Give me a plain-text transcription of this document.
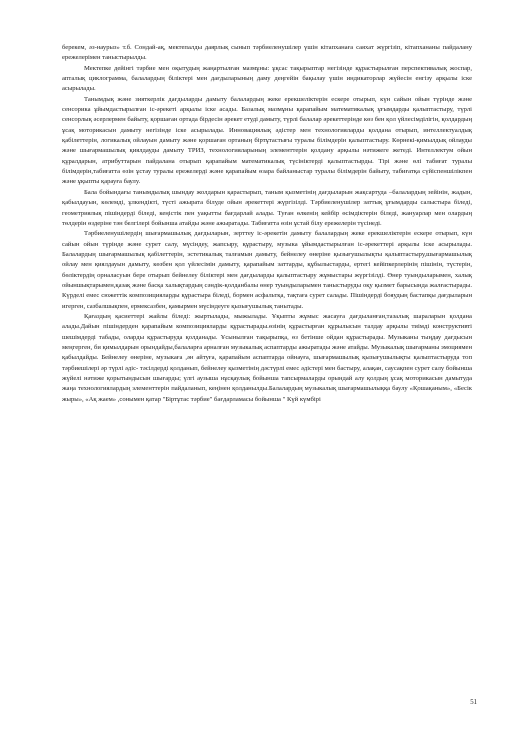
берекем, әз-наурыз» т.б. Сондай-ақ, мектепалды даярлық сынып тәрбиеленушілер үшін кітапханаға саяхат жүргізіп, кітапхананы пайдалану ережелерімен таныстырылды.

Мектепке дейінгі тәрбие мен оқытудың жаңартылған мазмұны: ұқсас тақырыптар негізінде құрастырылған перспективалық жоспар, апталық циклограмма, балалардың біліктері мен дағдыларының даму деңгейін бақылау үшін индикаторлар жүйесін енгізу арқылы іске асырылады.

Танымдық және зияткерлік дағдыларды дамыту балалардың жеке ерекшеліктерін ескере отырып, күн сайын ойын түрінде және сенсорика ұйымдастырылған іс-әрекеті арқылы іске асады. Базалық мазмұны қарапайым математикалық ұғымдарды қалыптастыру, түрлі сенсорлық әсерлермен байыту, қоршаған ортада бірдесін әрекет етуді дамыту, түрлі балалар әрекеттерінде көз бен қол үйлесімділігін, қолдардың ұсақ моторикасын дамыту негізінде іске асырылады. Инновациялық әдістер мен технологияларды қолдана отырып, интеллектуалдық қабілеттерін, логикалық ойлауын дамыту және қоршаған ортаның біртұтастығы туралы білімдерін қалыптастыру. Көрнекі-қимылдық ойлауды және шығармашылық қиялдауды дамыту ТРИЗ, технологияларының элементтерін қолдану арқылы нәтижеге жетеді. Интеллектум ойын құралдарын, атрибуттарын пайдалана отырып қарапайым математикалық түсініктерді қалыптастырды. Тірі және өлі табиғат туралы білімдерін,табиғатта өзін ұстау туралы ережелерді және қарапайым өзара байланыстар туралы білімдерін байыту, табиғатқа сүйіспеншілікпен және ұқыпты қарауға баулу.

Бала бойындағы танымдылық шындау жолдарын қарастырып, таным қызметінің дағдыларын жақсартуда –балалардың зейінін, жадын, қабылдауын, көлемді, ұлкендікті, түсті ажырата білуде ойын әрекеттері жүргізілді. Тәрбиеленушілер заттық ұғымдарды салыстыра біледі, геометриялық пішіндерді біледі, кеңістік пен уақытты бағдарлай алады. Туған өлкенің кейбір өсімдіктерін біледі, жануарлар мен олардың төлдерін өздеріне тән белгілері бойынша атайды және ажыратады. Табиғатта өзін ұстай білу ережелерін түсінеді.

Тәрбиеленушілердің шығармашылық дағдыларын, зерттеу іс-әрекетін дамыту балалардың жеке ерекшеліктерін ескере отырып, күн сайын ойын түрінде және сурет салу, мүсіндеу, жапсыру, құрастыру, музыка ұйымдастырылған іс-әрекеттері арқылы іске асырылады. Балалардың шығармашылық қабілеттерін, эстетикалық талғамын дамыту, бейнелеу өнеріне қызығушылықты қалыптастыру,шығармашылық ойлау мен қиялдауын дамыту, көзбен қол үйлесімін дамыту, қарапайым заттарды, құбылыстарды, ертегі кейіпкерлерінің пішінін, түстерін, бөліктердің орналасуын бере отырып бейнелеу біліктері мен дағдыларды қалыптастыру жұмыстары жүргізілді. Өнер туындыларымен, халық ойыншықтарымен,қазақ және басқа халықтардың сәндік-қолданбалы өнер туындыларымен таныстыруды оқу қызмет барысында жалғастырады. Күрделі емес сюжеттік композицияларды құрастыра біледі, бормен асфальтқа, тақтаға сурет салады. Пішіндерді бояудың бастапқы дағдыларын игерген, сазбалшықпен, ермексазбен, қамырмен мүсіндеуге қызығушылық танытады.

Қағаздың қасиеттері жайлы біледі: жыртылады, мыжылады. Ұқыпты жұмыс жасауға дағдыланған,тазалық шараларын қолдана алады.Дайын пішіндерден қарапайым композицияларды құрастырады.өзінің құрастырған құрылысын талдау арқылы тиімді конструктивті шешімдерді табады, оларды құрастыруда қолданады. Ұсынылған тақырыпқа, өз бетінше ойдан құрастырады. Музыканы тыңдау дағдысын меңгерген, би қимылдарын орындайды,балаларға арналған музыкалық аспаптарды ажыратады және атайды. Музыкалық шығарманы эмоциямен қабылдайды. Бейнелеу өнеріне, музыкаға ,ән айтуға, қарапайым аспаптарда ойнауға, шығармашылық қызығушылықты қалыптастыруда топ тәрбиешілері әр түрлі әдіс- тәсілдерді қолданып, бейнелеу қызметінің дәстүрлі емес әдістері мен бастыру, алақан, саусақпен сурет салу бойынша жүйелі нәтиже қорытындысын шығарды; үлгі аузыша нұсқаулық бойынша тапсырмаларды орындай алу қолдың ұсақ моторикасын дамытуда жаңа технологиялардың элементтерін пайдаланып, кеңінен қолданылды.Балалардың музыкалық шығармашылыққа баулу «Қошақаным», «Бесік жыры», «Ақ жаем» ,сонымен қатар "Біртұтас тәрбие" бағдарламасы бойынша " Күй күмбірі

51
